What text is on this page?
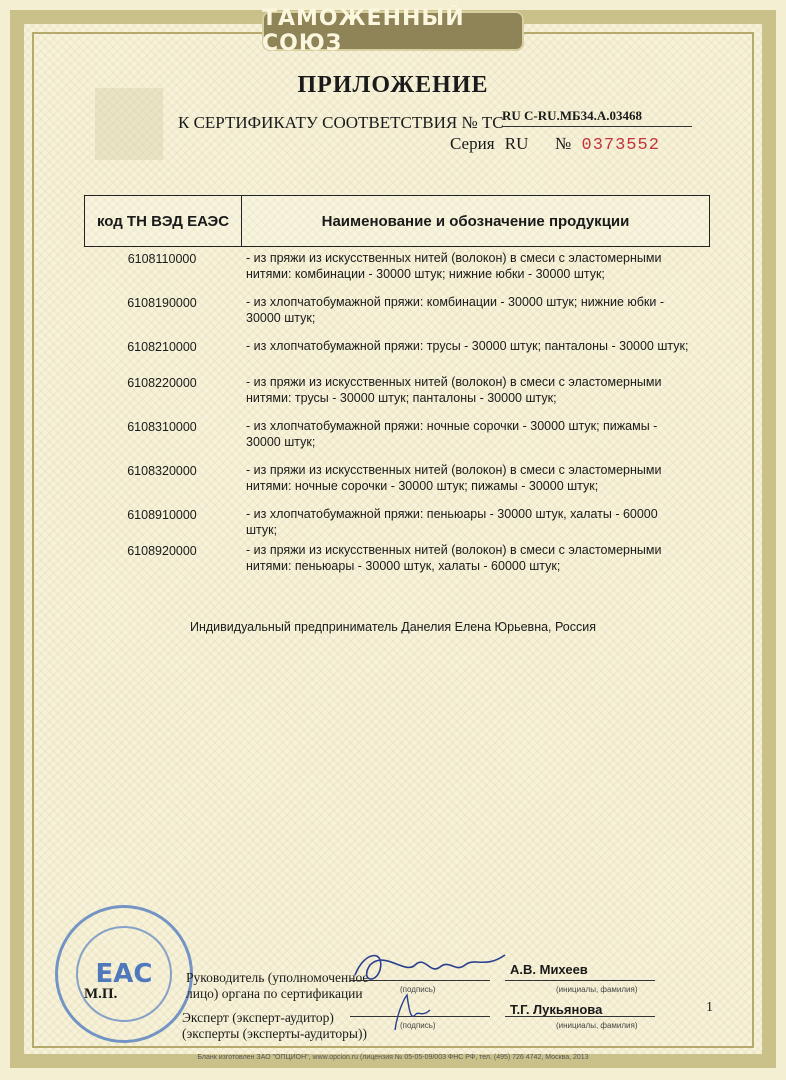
ТАМОЖЕННЫЙ СОЮЗ
ПРИЛОЖЕНИЕ
К СЕРТИФИКАТУ СООТВЕТСТВИЯ № ТС
RU C-RU.МБ34.А.03468
Серия RU № 0373552
код ТН ВЭД ЕАЭС	Наименование и обозначение продукции
6108110000	- из пряжи из искусственных нитей (волокон) в смеси с эластомерными нитями: комбинации - 30000 штук; нижние юбки - 30000 штук;
6108190000	- из хлопчатобумажной пряжи: комбинации - 30000 штук; нижние юбки - 30000 штук;
6108210000	- из хлопчатобумажной пряжи: трусы - 30000 штук; панталоны - 30000 штук;
6108220000	- из пряжи из искусственных нитей (волокон) в смеси с эластомерными нитями: трусы - 30000 штук; панталоны - 30000 штук;
6108310000	- из хлопчатобумажной пряжи: ночные сорочки - 30000 штук; пижамы - 30000 штук;
6108320000	- из пряжи из искусственных нитей (волокон) в смеси с эластомерными нитями: ночные сорочки - 30000 штук; пижамы - 30000 штук;
6108910000	- из хлопчатобумажной пряжи: пеньюары - 30000 штук, халаты - 60000 штук;
6108920000	- из пряжи из искусственных нитей (волокон) в смеси с эластомерными нитями: пеньюары - 30000 штук, халаты - 60000 штук;
Индивидуальный предприниматель Данелия Елена Юрьевна, Россия
ЕАС
М.П.
Руководитель (уполномоченное
лицо) органа по сертификации	(подпись)
А.В. Михеев
(инициалы, фамилия)
Эксперт (эксперт-аудитор)
(эксперты (эксперты-аудиторы))
(подпись)
Т.Г. Лукьянова
(инициалы, фамилия)
1
Бланк изготовлен ЗАО "ОПЦИОН", www.opcion.ru (лицензия № 05-05-09/003 ФНС РФ, тел. (495) 726 4742, Москва, 2013
